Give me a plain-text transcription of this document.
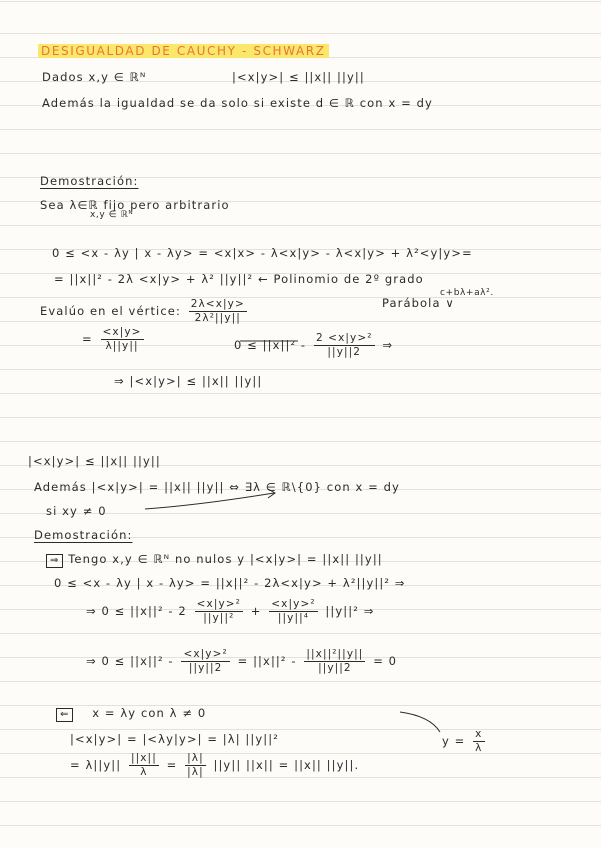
DESIGUALDAD DE CAUCHY - SCHWARZ
Dados x,y ∈ ℝᴺ	|<x|y>| ≤ ||x|| ||y||
Además la igualdad se da solo si existe d ∈ ℝ con x = dy
Demostración:
Sea λ∈ℝ fijo pero arbitrario
x,y ∈ ℝᴺ
0 ≤ <x - λy | x - λy> = <x|x> - λ<x|y> - λ<x|y> + λ²<y|y>=
= ||x||² - 2λ <x|y> + λ² ||y||² ← Polinomio de 2º grado
c+bλ+aλ².
Evalúo en el vértice: $\frac{2\lambda<x|y>}{\text{2λ²||y||}}$	Parábola ∨
= $\frac{<x|y>}{\lambda||y||}$	$0 \le ||x||^2 - \frac{\text{2 <x|y>²}}{||y||2}$ ⇒
⇒ |<x|y>| ≤ ||x|| ||y||
|<x|y>| ≤ ||x|| ||y||
Además |<x|y>| = ||x|| ||y|| ⇔ ∃λ ∈ ℝ\{0} con x = dy
si xy ≠ 0
Demostración:
⇒ Tengo x,y ∈ ℝᴺ no nulos y |<x|y>| = ||x|| ||y||
0 ≤ <x - λy | x - λy> = ||x||² - 2λ<x|y> + λ²||y||² ⇒
⇒ $0 \le ||x||^2 - 2 \frac{\text{<x|y>²}}{\text{||y||²}} + \frac{\text{<x|y>²}}{\text{||y||⁴}} ||y||^2$ ⇒
⇒ $0 \le ||x||^2 - \frac{\text{<x|y>²}}{||y||2} = ||x||^2 - \frac{\text{||x||²||y||}}{||y||2} = 0$
⇐ x = λy con λ ≠ 0
|<x|y>| = |<λy|y>| = |λ| ||y||²	$y = \frac{x}{\lambda}$
= $\lambda||y|| \frac{||x||}{\lambda} = \frac{|\lambda|}{|\lambda|} ||y||$ ||x|| = ||x|| ||y||.
